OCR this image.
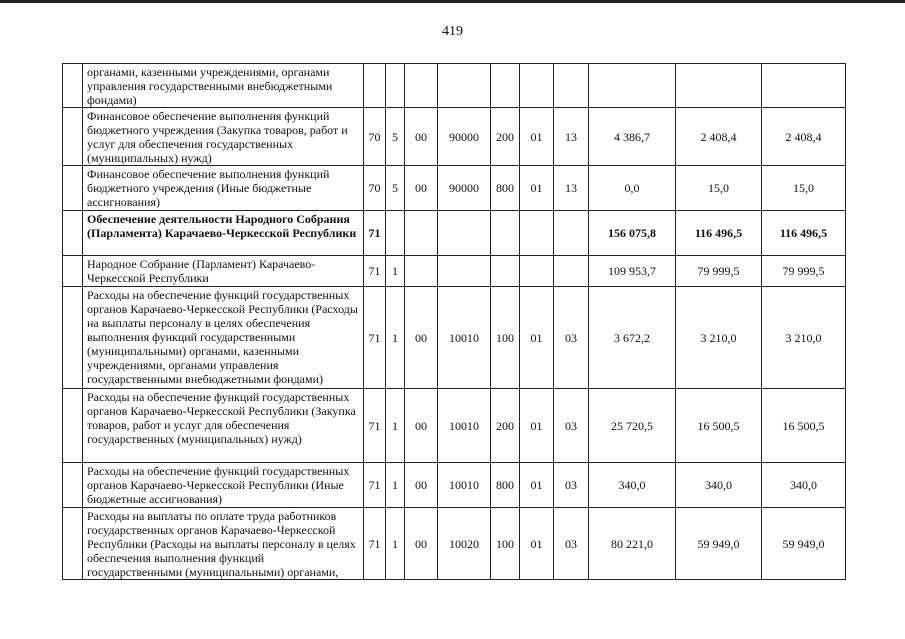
419
	органами, казенными учреждениями, органами управления государственными внебюджетными фондами)										
	Финансовое обеспечение выполнения функций бюджетного учреждения (Закупка товаров, работ и услуг для обеспечения государственных (муниципальных) нужд)	70	5	00	90000	200	01	13	4 386,7	2 408,4	2 408,4
	Финансовое обеспечение выполнения функций бюджетного учреждения (Иные бюджетные ассигнования)	70	5	00	90000	800	01	13	0,0	15,0	15,0
	Обеспечение деятельности Народного Собрания (Парламента) Карачаево-Черкесской Республики	71							156 075,8	116 496,5	116 496,5
	Народное Собрание (Парламент) Карачаево-Черкесской Республики	71	1						109 953,7	79 999,5	79 999,5
	Расходы на обеспечение функций государственных органов Карачаево-Черкесской Республики (Расходы на выплаты персоналу в целях обеспечения выполнения функций государственными (муниципальными) органами, казенными учреждениями, органами управления государственными внебюджетными фондами)	71	1	00	10010	100	01	03	3 672,2	3 210,0	3 210,0
	Расходы на обеспечение функций государственных органов Карачаево-Черкесской Республики (Закупка товаров, работ и услуг для обеспечения государственных (муниципальных) нужд)	71	1	00	10010	200	01	03	25 720,5	16 500,5	16 500,5
	Расходы на обеспечение функций государственных органов Карачаево-Черкесской Республики (Иные бюджетные ассигнования)	71	1	00	10010	800	01	03	340,0	340,0	340,0
	Расходы на выплаты по оплате труда работников государственных органов Карачаево-Черкесской Республики (Расходы на выплаты персоналу в целях обеспечения выполнения функций государственными (муниципальными) органами,	71	1	00	10020	100	01	03	80 221,0	59 949,0	59 949,0
